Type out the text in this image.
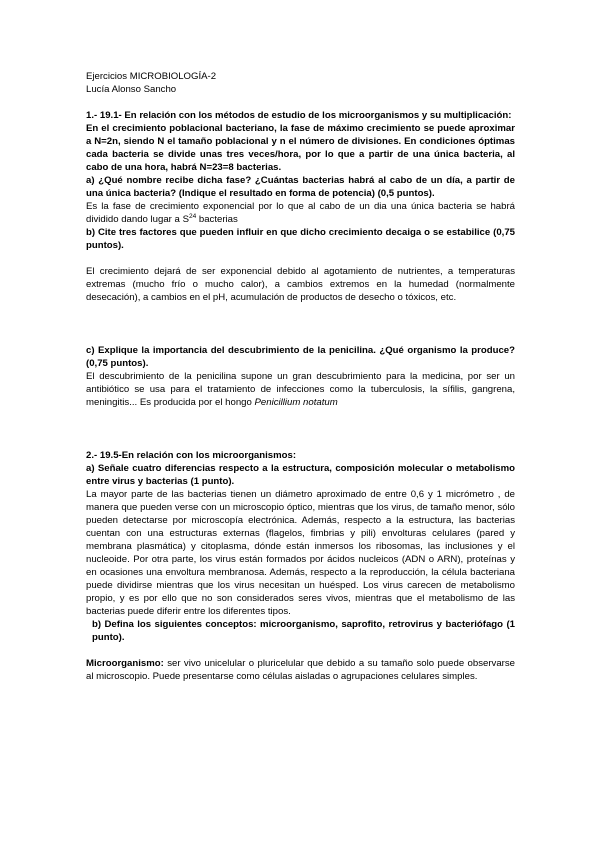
Ejercicios MICROBIOLOGÍA-2

Lucía Alonso Sancho

1.- 19.1- En relación con los métodos de estudio de los microorganismos y su multiplicación:

En el crecimiento poblacional bacteriano, la fase de máximo crecimiento se puede aproximar a N=2n, siendo N el tamaño poblacional y n el número de divisiones. En condiciones óptimas cada bacteria se divide unas tres veces/hora, por lo que a partir de una única bacteria, al cabo de una hora, habrá N=23=8 bacterias.

a) ¿Qué nombre recibe dicha fase? ¿Cuántas bacterias habrá al cabo de un día, a partir de una única bacteria? (Indique el resultado en forma de potencia) (0,5 puntos).

Es la fase de crecimiento exponencial por lo que al cabo de un dia una única bacteria se habrá dividido dando lugar a $S^{24}$ bacterias

b) Cite tres factores que pueden influir en que dicho crecimiento decaiga o se estabilice (0,75 puntos).

El crecimiento dejará de ser exponencial debido al agotamiento de nutrientes, a temperaturas extremas (mucho frío o mucho calor), a cambios extremos en la humedad (normalmente desecación), a cambios en el pH, acumulación de productos de desecho o tóxicos, etc.

c) Explique la importancia del descubrimiento de la penicilina. ¿Qué organismo la produce? (0,75 puntos).

El descubrimiento de la penicilina supone un gran descubrimiento para la medicina, por ser un antibiótico se usa para el tratamiento de infecciones como la tuberculosis, la sífilis, gangrena, meningitis... Es producida por el hongo Penicillium notatum

2.- 19.5-En relación con los microorganismos:

a) Señale cuatro diferencias respecto a la estructura, composición molecular o metabolismo entre virus y bacterias (1 punto).

La mayor parte de las bacterias tienen un diámetro aproximado de entre 0,6 y 1 micrómetro , de manera que pueden verse con un microscopio óptico, mientras que los virus, de tamaño menor, sólo pueden detectarse por microscopía electrónica. Además, respecto a la estructura, las bacterias cuentan con una estructuras externas (flagelos, fimbrias y pili) envolturas celulares (pared y membrana plasmática) y citoplasma, dónde están inmersos los ribosomas, las inclusiones y el nucleoide. Por otra parte, los virus están formados por ácidos nucleicos (ADN o ARN), proteínas y en ocasiones una envoltura membranosa. Además, respecto a la reproducción, la célula bacteriana puede dividirse mientras que los virus necesitan un huésped. Los virus carecen de metabolismo propio, y es por ello que no son considerados seres vivos, mientras que el metabolismo de las bacterias puede diferir entre los diferentes tipos.

b) Defina los siguientes conceptos: microorganismo, saprofito, retrovirus y bacteriófago (1 punto).

Microorganismo: ser vivo unicelular o pluricelular que debido a su tamaño solo puede observarse al microscopio. Puede presentarse como células aisladas o agrupaciones celulares simples.
